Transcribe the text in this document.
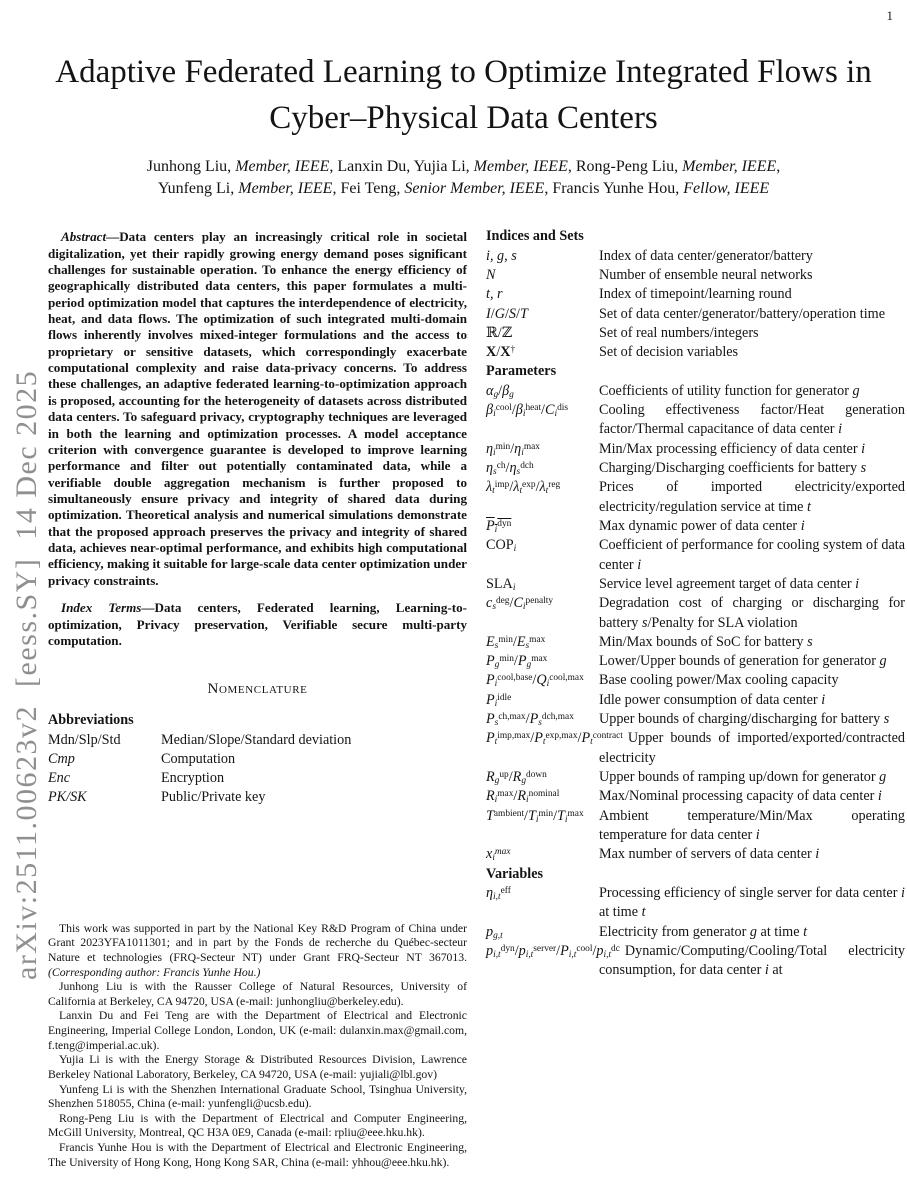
1
arXiv:2511.00623v2  [eess.SY]  14 Dec 2025
Adaptive Federated Learning to Optimize Integrated Flows in Cyber–Physical Data Centers
Junhong Liu, Member, IEEE, Lanxin Du, Yujia Li, Member, IEEE, Rong-Peng Liu, Member, IEEE,
Yunfeng Li, Member, IEEE, Fei Teng, Senior Member, IEEE, Francis Yunhe Hou, Fellow, IEEE

Abstract—Data centers play an increasingly critical role in societal digitalization, yet their rapidly growing energy demand poses significant challenges for sustainable operation. To enhance the energy efficiency of geographically distributed data centers, this paper formulates a multi-period optimization model that captures the interdependence of electricity, heat, and data flows. The optimization of such integrated multi-domain flows inherently involves mixed-integer formulations and the access to proprietary or sensitive datasets, which correspondingly exacerbate computational complexity and raise data-privacy concerns. To address these challenges, an adaptive federated learning-to-optimization approach is proposed, accounting for the heterogeneity of datasets across distributed data centers. To safeguard privacy, cryptography techniques are leveraged in both the learning and optimization processes. A model acceptance criterion with convergence guarantee is developed to improve learning performance and filter out potentially contaminated data, while a verifiable double aggregation mechanism is further proposed to simultaneously ensure privacy and integrity of shared data during optimization. Theoretical analysis and numerical simulations demonstrate that the proposed approach preserves the privacy and integrity of shared data, achieves near-optimal performance, and exhibits high computational efficiency, making it suitable for large-scale data center optimization under privacy constraints.

Index Terms—Data centers, Federated learning, Learning-to-optimization, Privacy preservation, Verifiable secure multi-party computation.

Nomenclature
Abbreviations
Mdn/Slp/Std	Median/Slope/Standard deviation
Cmp	Computation
Enc	Encryption
PK/SK	Public/Private key

This work was supported in part by the National Key R&D Program of China under Grant 2023YFA1011301; and in part by the Fonds de recherche du Québec-secteur Nature et technologies (FRQ-Secteur NT) under Grant FRQ-Secteur NT 367013. (Corresponding author: Francis Yunhe Hou.)

Junhong Liu is with the Rausser College of Natural Resources, University of California at Berkeley, CA 94720, USA (e-mail: junhongliu@berkeley.edu).

Lanxin Du and Fei Teng are with the Department of Electrical and Electronic Engineering, Imperial College London, London, UK (e-mail: dulanxin.max@gmail.com, f.teng@imperial.ac.uk).

Yujia Li is with the Energy Storage & Distributed Resources Division, Lawrence Berkeley National Laboratory, Berkeley, CA 94720, USA (e-mail: yujiali@lbl.gov)

Yunfeng Li is with the Shenzhen International Graduate School, Tsinghua University, Shenzhen 518055, China (e-mail: yunfengli@ucsb.edu).

Rong-Peng Liu is with the Department of Electrical and Computer Engineering, McGill University, Montreal, QC H3A 0E9, Canada (e-mail: rpliu@eee.hku.hk).

Francis Yunhe Hou is with the Department of Electrical and Electronic Engineering, The University of Hong Kong, Hong Kong SAR, China (e-mail: yhhou@eee.hku.hk).

Indices and Sets
i, g, s	Index of data center/generator/battery
N	Number of ensemble neural networks
t, r	Index of timepoint/learning round
I/G/S/T	Set of data center/generator/battery/operation time
ℝ/ℤ	Set of real numbers/integers
X/X†	Set of decision variables
Parameters
$\alpha_g/\beta_g$	Coefficients of utility function for generator g
$\beta_i^{cool}/\beta_i^{heat}/C_i^{dis}$ Cooling effectiveness factor/Heat generation factor/Thermal capacitance of data center i
$\eta_i^{min}/\eta_i^{max}$	Min/Max processing efficiency of data center i
$\eta_s^{ch}/\eta_s^{dch}$	Charging/Discharging coefficients for battery s
$\lambda_t^{imp}/\lambda_t^{exp}/\lambda_t^{reg}$	Prices of imported electricity/exported electricity/regulation service at time t
$P_i^{dyn}$	Max dynamic power of data center i
$COP_i$	Coefficient of performance for cooling system of data center i
$SLA_i$	Service level agreement target of data center i
$c_s^{deg}/C_i^{penalty}$	Degradation cost of charging or discharging for battery s/Penalty for SLA violation
$E_s^{min}/E_s^{max}$	Min/Max bounds of SoC for battery s
$P_g^{min}/P_g^{max}$	Lower/Upper bounds of generation for generator g
$P_i^{cool,base}/Q_i^{cool,max}$ Base cooling power/Max cooling capacity
$P_i^{idle}$	Idle power consumption of data center i
$P_s^{ch,max}/P_s^{dch,max}$ Upper bounds of charging/discharging for battery s
$P_t^{imp,max}/P_t^{exp,max}/P_t^{contract}$ Upper bounds of imported/exported/contracted electricity
$R_g^{up}/R_g^{down}$	Upper bounds of ramping up/down for generator g
$R_i^{max}/R_i^{nominal}$	Max/Nominal processing capacity of data center i
$T^{ambient}/T_i^{min}/T_i^{max}$ Ambient temperature/Min/Max operating temperature for data center i
$x_i^{max}$	Max number of servers of data center i
Variables
$\eta_{i,t}^{eff}$	Processing efficiency of single server for data center i at time t
$p_{g,t}$	Electricity from generator g at time t
$p_{i,t}^{dyn}/p_{i,t}^{server}/P_{i,t}^{cool}/p_{i,t}^{dc}$ Dynamic/Computing/Cooling/Total electricity consumption, for data center i at
